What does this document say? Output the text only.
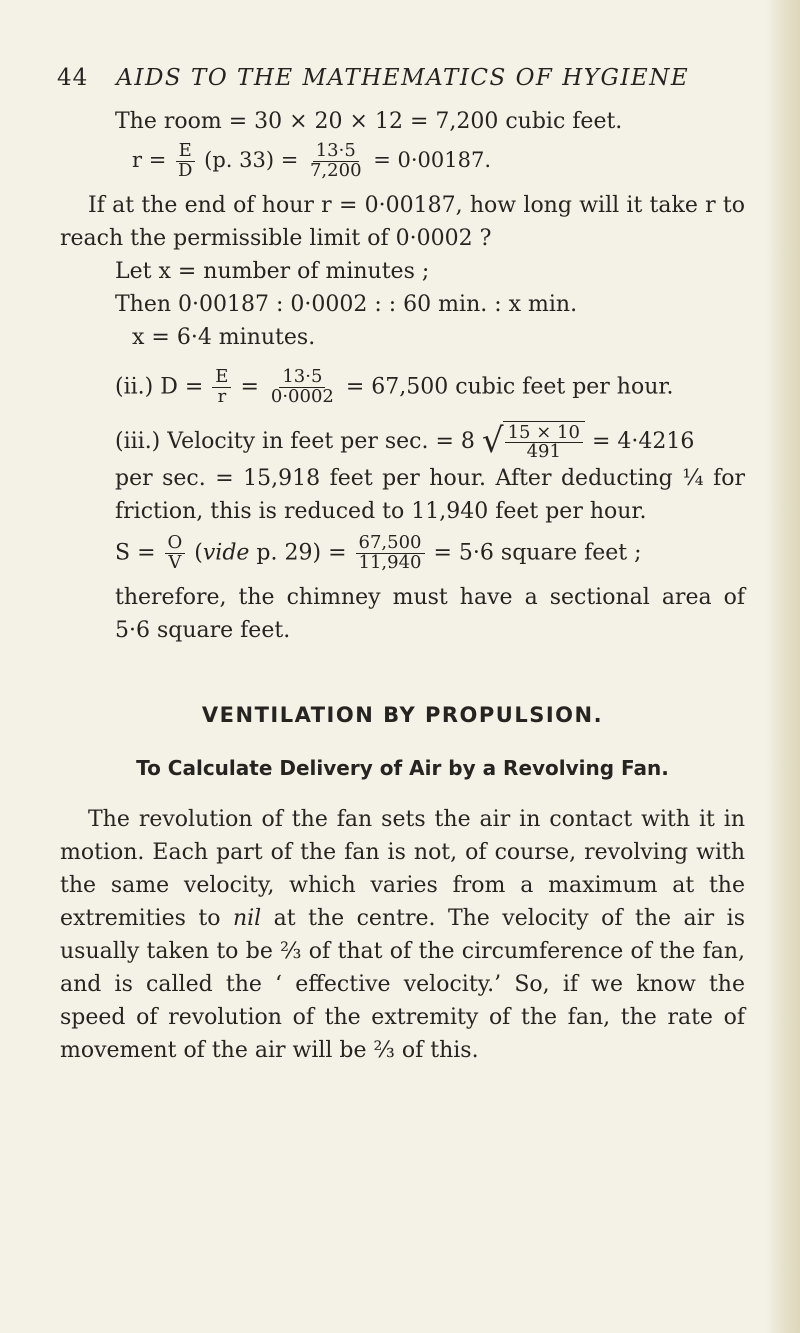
44 AIDS TO THE MATHEMATICS OF HYGIENE

The room = 30 × 20 × 12 = 7,200 cubic feet.

$r = \frac{E}{D} (p$. $33) = \frac{13\cdot 5}{7,200} = 0\cdot 00187$.

If at the end of hour r = 0·00187, how long will it take r to reach the permissible limit of 0·0002 ?

Let x = number of minutes ;

Then 0·00187 : 0·0002 : : 60 min. : x min.

x = 6·4 minutes.

(ii.) $D = \frac{E}{r} = \frac{13\cdot 5}{0\cdot 0002} = 67,500$ cubic feet per hour.
(iii.) Velocity in feet per sec. = 8 √ $\frac{15 \times 10}{491} = 4\cdot 4216$

per sec. = 15,918 feet per hour. After deducting ¼ for friction, this is reduced to 11,940 feet per hour.

$S = \frac{O}{V}$ (vide p. $29) = \frac{67,500}{11,940} = 5\cdot 6$ square feet ;

therefore, the chimney must have a sectional area of 5·6 square feet.

VENTILATION BY PROPULSION.
To Calculate Delivery of Air by a Revolving Fan.

The revolution of the fan sets the air in contact with it in motion. Each part of the fan is not, of course, revolving with the same velocity, which varies from a maximum at the extremities to nil at the centre. The velocity of the air is usually taken to be ⅔ of that of the circumference of the fan, and is called the ‘ effective velocity.’ So, if we know the speed of revolution of the extremity of the fan, the rate of movement of the air will be ⅔ of this.
